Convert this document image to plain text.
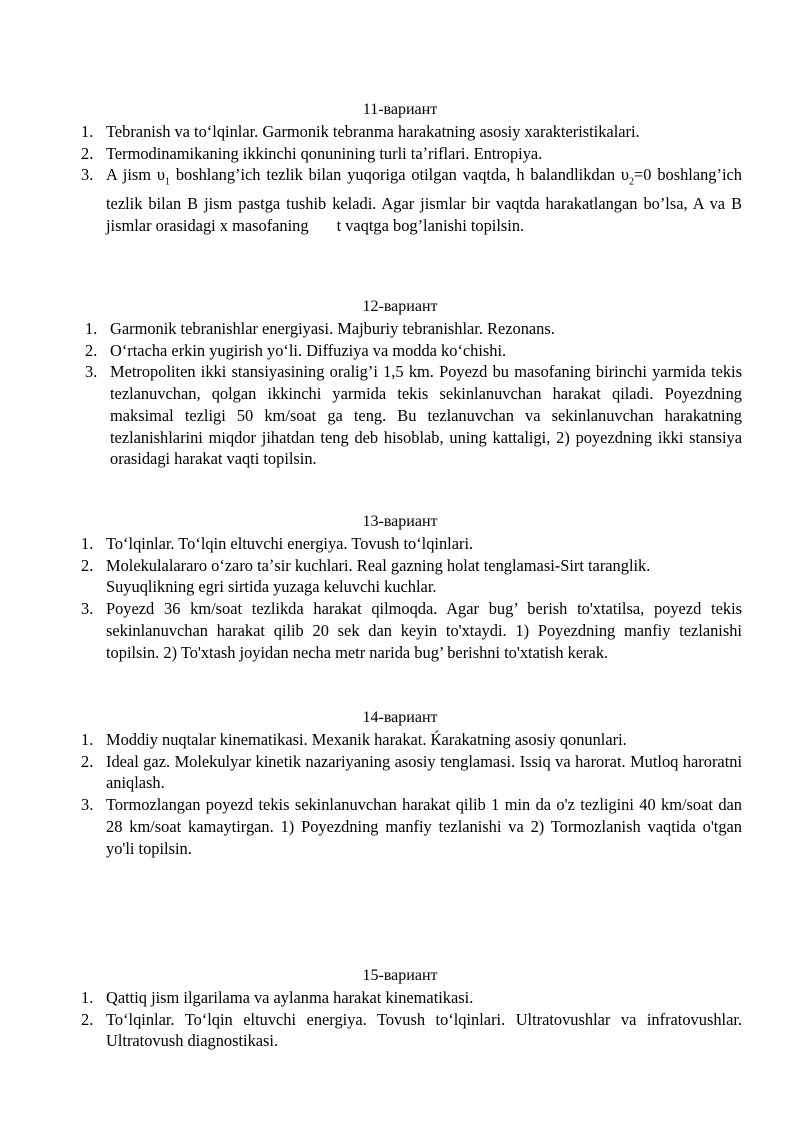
11-вариант

1. Tebranish va toʻlqinlar. Garmonik tebranma harakatning asosiy xarakteristikalari.
2. Termodinamikaning ikkinchi qonunining turli taʼriflari. Entropiya.
3. A jism $\upsilon_1$ boshlang’ich tezlik bilan yuqoriga otilgan vaqtda, h balandlikdan $\upsilon_2=0$ boshlang’ich tezlik bilan B jism pastga tushib keladi. Agar jismlar bir vaqtda harakatlangan bo’lsa, A va B jismlar orasidagi x masofaning t vaqtga bog’lanishi topilsin.

12-вариант

1. Garmonik tebranishlar energiyasi. Majburiy tebranishlar. Rezonans.
2. Oʻrtacha erkin yugirish yoʻli. Diffuziya va modda koʻchishi.
3. Metropoliten ikki stansiyasining oralig’i 1,5 km. Poyezd bu masofaning birinchi yarmida tekis tezlanuvchan, qolgan ikkinchi yarmida tekis sekinlanuvchan harakat qiladi. Poyezdning maksimal tezligi 50 km/soat ga teng. Bu tezlanuvchan va sekinlanuvchan harakatning tezlanishlarini miqdor jihatdan teng deb hisoblab, uning kattaligi, 2) poyezdning ikki stansiya orasidagi harakat vaqti topilsin.

13-вариант

1. Toʻlqinlar. Toʻlqin eltuvchi energiya. Tovush toʻlqinlari.
2. Molekulalararo oʻzaro taʼsir kuchlari. Real gazning holat tenglamasi-Sirt taranglik. Suyuqlikning egri sirtida yuzaga keluvchi kuchlar.
3. Poyezd 36 km/soat tezlikda harakat qilmoqda. Agar bug’ berish to'xtatilsa, poyezd tekis sekinlanuvchan harakat qilib 20 sek dan keyin to'xtaydi. 1) Poyezdning manfiy tezlanishi topilsin. 2) To'xtash joyidan necha metr narida bug’ berishni to'xtatish kerak.

14-вариант

1. Moddiy nuqtalar kinematikasi. Mexanik harakat. Ќarakatning asosiy qonunlari.
2. Ideal gaz. Molekulyar kinetik nazariyaning asosiy tenglamasi. Issiq va harorat. Mutloq haroratni aniqlash.
3. Tormozlangan poyezd tekis sekinlanuvchan harakat qilib 1 min da o'z tezligini 40 km/soat dan 28 km/soat kamaytirgan. 1) Poyezdning manfiy tezlanishi va 2) Tormozlanish vaqtida o'tgan yo'li topilsin.

15-вариант

1. Qattiq jism ilgarilama va aylanma harakat kinematikasi.
2. Toʻlqinlar. Toʻlqin eltuvchi energiya. Tovush toʻlqinlari. Ultratovushlar va infratovushlar. Ultratovush diagnostikasi.
